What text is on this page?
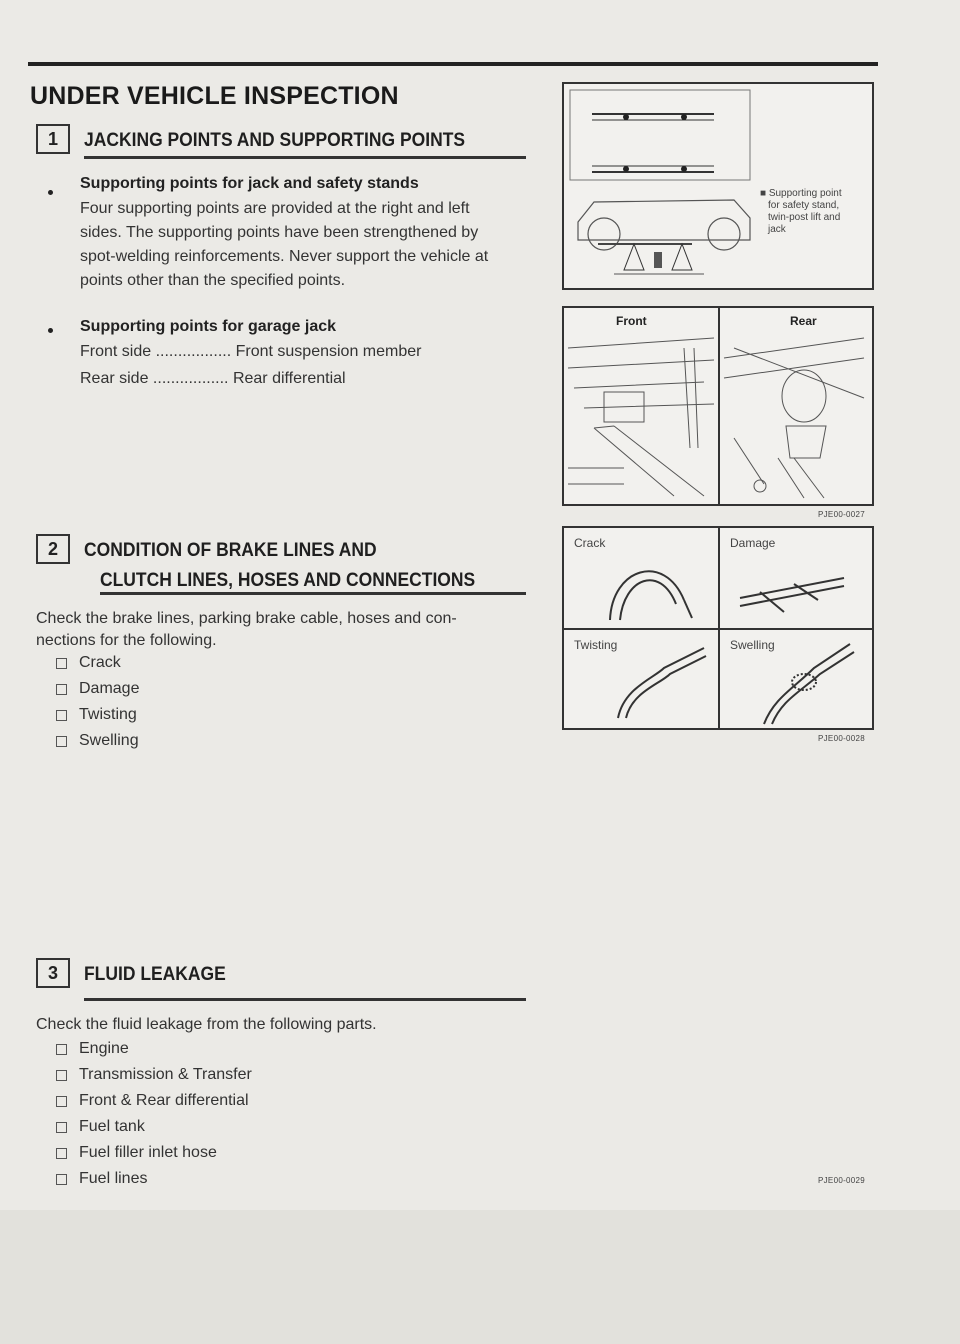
UNDER VEHICLE INSPECTION
1	JACKING POINTS AND SUPPORTING POINTS
Supporting points for jack and safety stands
Four supporting points are provided at the right and left
sides. The supporting points have been strengthened by
spot-welding reinforcements. Never support the vehicle at
points other than the specified points.
Supporting points for garage jack
Front side ................. Front suspension member
Rear side ................. Rear differential
2	CONDITION OF BRAKE LINES AND
CLUTCH LINES, HOSES AND CONNECTIONS
Check the brake lines, parking brake cable, hoses and con-
nections for the following.
Crack
Damage
Twisting
Swelling
3	FLUID LEAKAGE
Check the fluid leakage from the following parts.
Engine
Transmission & Transfer
Front & Rear differential
Fuel tank
Fuel filler inlet hose
Fuel lines
■ Supporting point
for safety stand,
twin-post lift and
jack
Front	Rear
PJE00-0027
Crack	Damage
Twisting	Swelling
PJE00-0028
PJE00-0029
